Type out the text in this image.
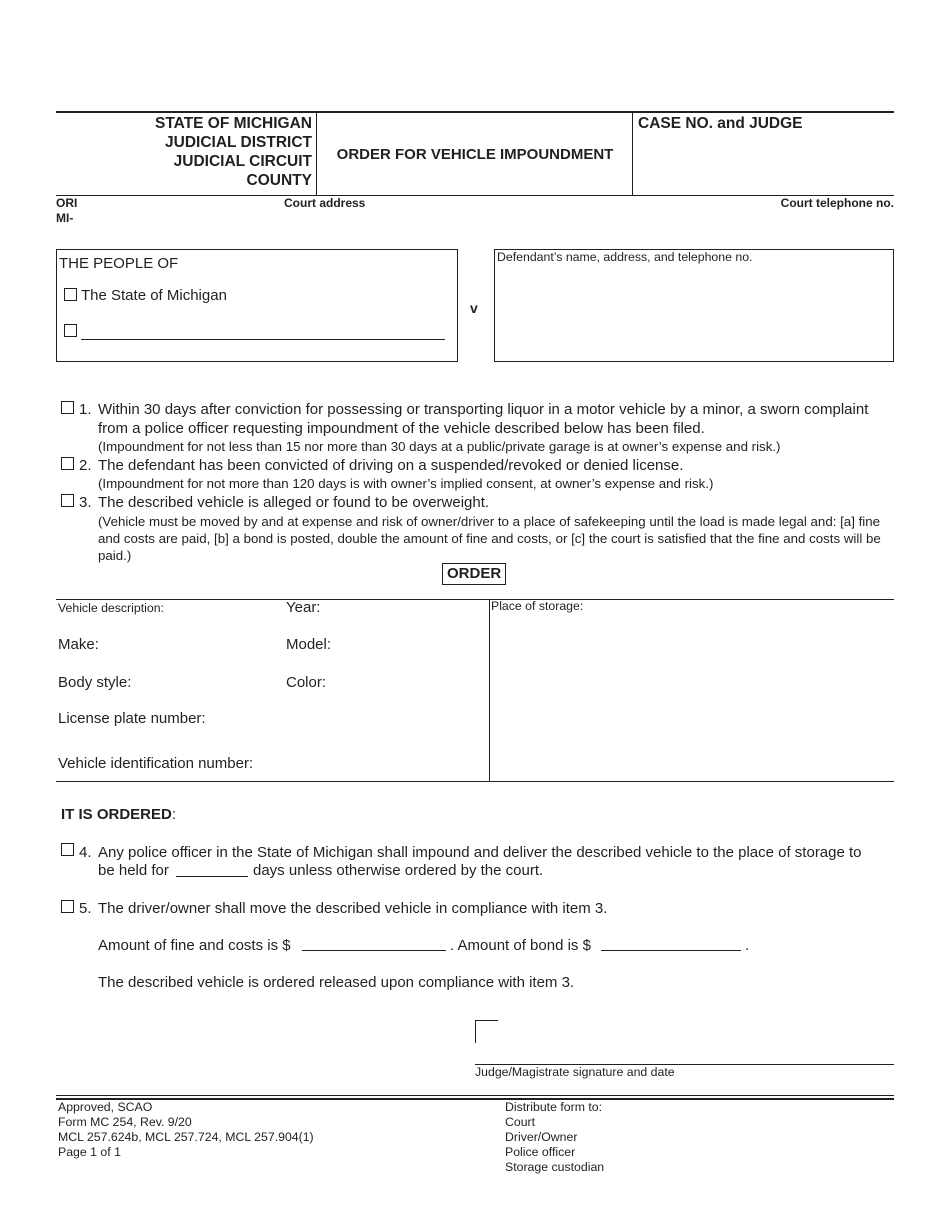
STATE OF MICHIGAN
JUDICIAL DISTRICT
JUDICIAL CIRCUIT
COUNTY
ORDER FOR VEHICLE IMPOUNDMENT
CASE NO. and JUDGE
ORI
MI-
Court address	Court telephone no.
THE PEOPLE OF
The State of Michigan
v
Defendant’s name, address, and telephone no.
1. Within 30 days after conviction for possessing or transporting liquor in a motor vehicle by a minor, a sworn complaint from a police officer requesting impoundment of the vehicle described below has been filed.
(Impoundment for not less than 15 nor more than 30 days at a public/private garage is at owner’s expense and risk.)
2. The defendant has been convicted of driving on a suspended/revoked or denied license.
(Impoundment for not more than 120 days is with owner’s implied consent, at owner’s expense and risk.)
3. The described vehicle is alleged or found to be overweight.
(Vehicle must be moved by and at expense and risk of owner/driver to a place of safekeeping until the load is made legal and: [a] fine and costs are paid, [b] a bond is posted, double the amount of fine and costs, or [c] the court is satisfied that the fine and costs will be paid.)
ORDER
Vehicle description:	Year:
Make:	Model:
Body style:	Color:
License plate number:
Vehicle identification number:
Place of storage:
IT IS ORDERED:
4. Any police officer in the State of Michigan shall impound and deliver the described vehicle to the place of storage to
be held for	days unless otherwise ordered by the court.
5. The driver/owner shall move the described vehicle in compliance with item 3.
Amount of fine and costs is $	. Amount of bond is $	.
The described vehicle is ordered released upon compliance with item 3.
Judge/Magistrate signature and date
Approved, SCAO
Form MC 254, Rev. 9/20
MCL 257.624b, MCL 257.724, MCL 257.904(1)
Page 1 of 1
Distribute form to:
Court
Driver/Owner
Police officer
Storage custodian
